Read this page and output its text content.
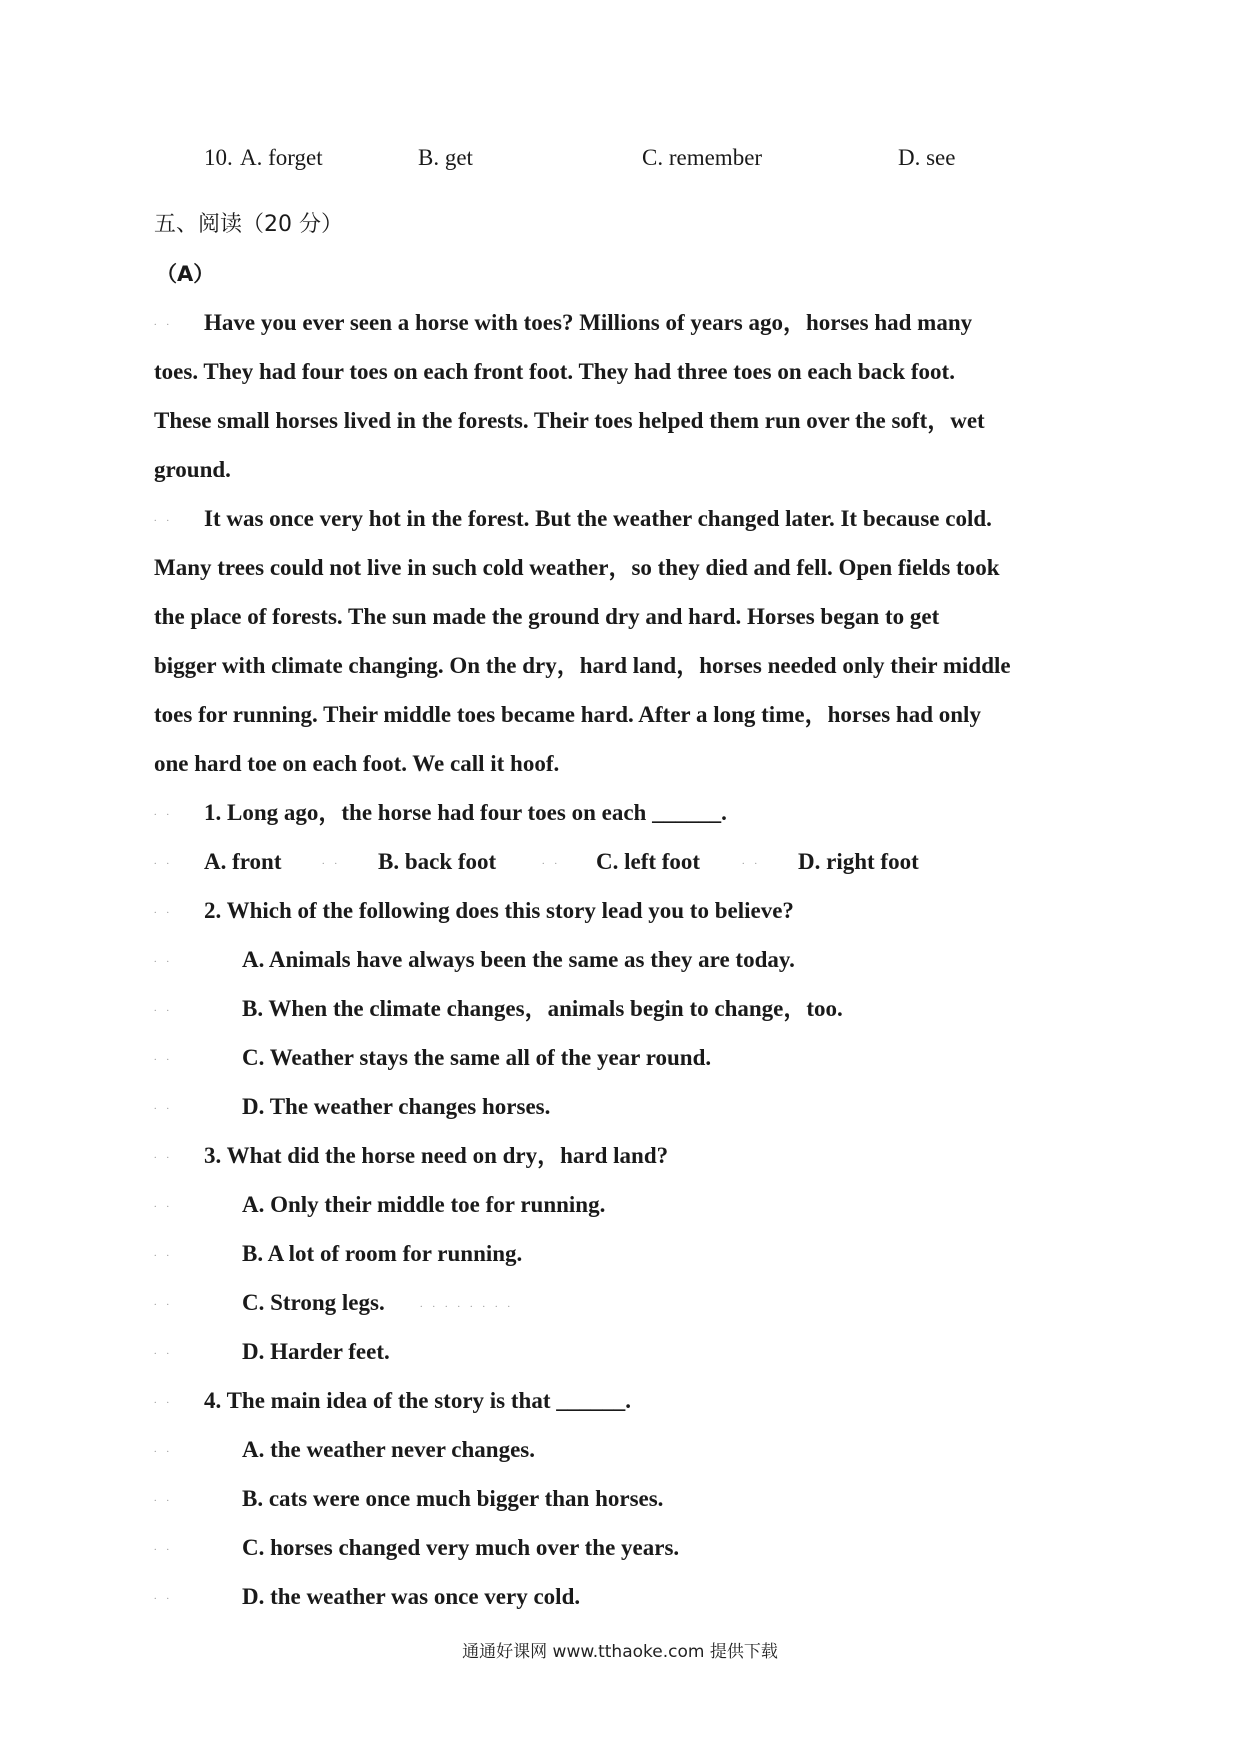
10. A. forget	B. get	C. remember	D. see
五、阅读（20 分）
（A）
.. Have you ever seen a horse with toes? Millions of years ago，horses had many
toes. They had four toes on each front foot. They had three toes on each back foot.
These small horses lived in the forests. Their toes helped them run over the soft，wet
ground.
.. It was once very hot in the forest. But the weather changed later. It because cold.
Many trees could not live in such cold weather，so they died and fell. Open fields took
the place of forests. The sun made the ground dry and hard. Horses began to get
bigger with climate changing. On the dry，hard land，horses needed only their middle
toes for running. Their middle toes became hard. After a long time，horses had only
one hard toe on each foot. We call it hoof.
.. 1. Long ago，the horse had four toes on each ______.
.. A. front	.. B. back foot	.. C. left foot	.. D. right foot
.. 2. Which of the following does this story lead you to believe?
..	A. Animals have always been the same as they are today.
..	B. When the climate changes，animals begin to change，too.
..	C. Weather stays the same all of the year round.
..	D. The weather changes horses.
.. 3. What did the horse need on dry，hard land?
..	A. Only their middle toe for running.
..	B. A lot of room for running.
..	C. Strong legs.	........
..	D. Harder feet.
.. 4. The main idea of the story is that ______.
..	A. the weather never changes.
..	B. cats were once much bigger than horses.
..	C. horses changed very much over the years.
..	D. the weather was once very cold.
通通好课网 www.tthaoke.com 提供下载
